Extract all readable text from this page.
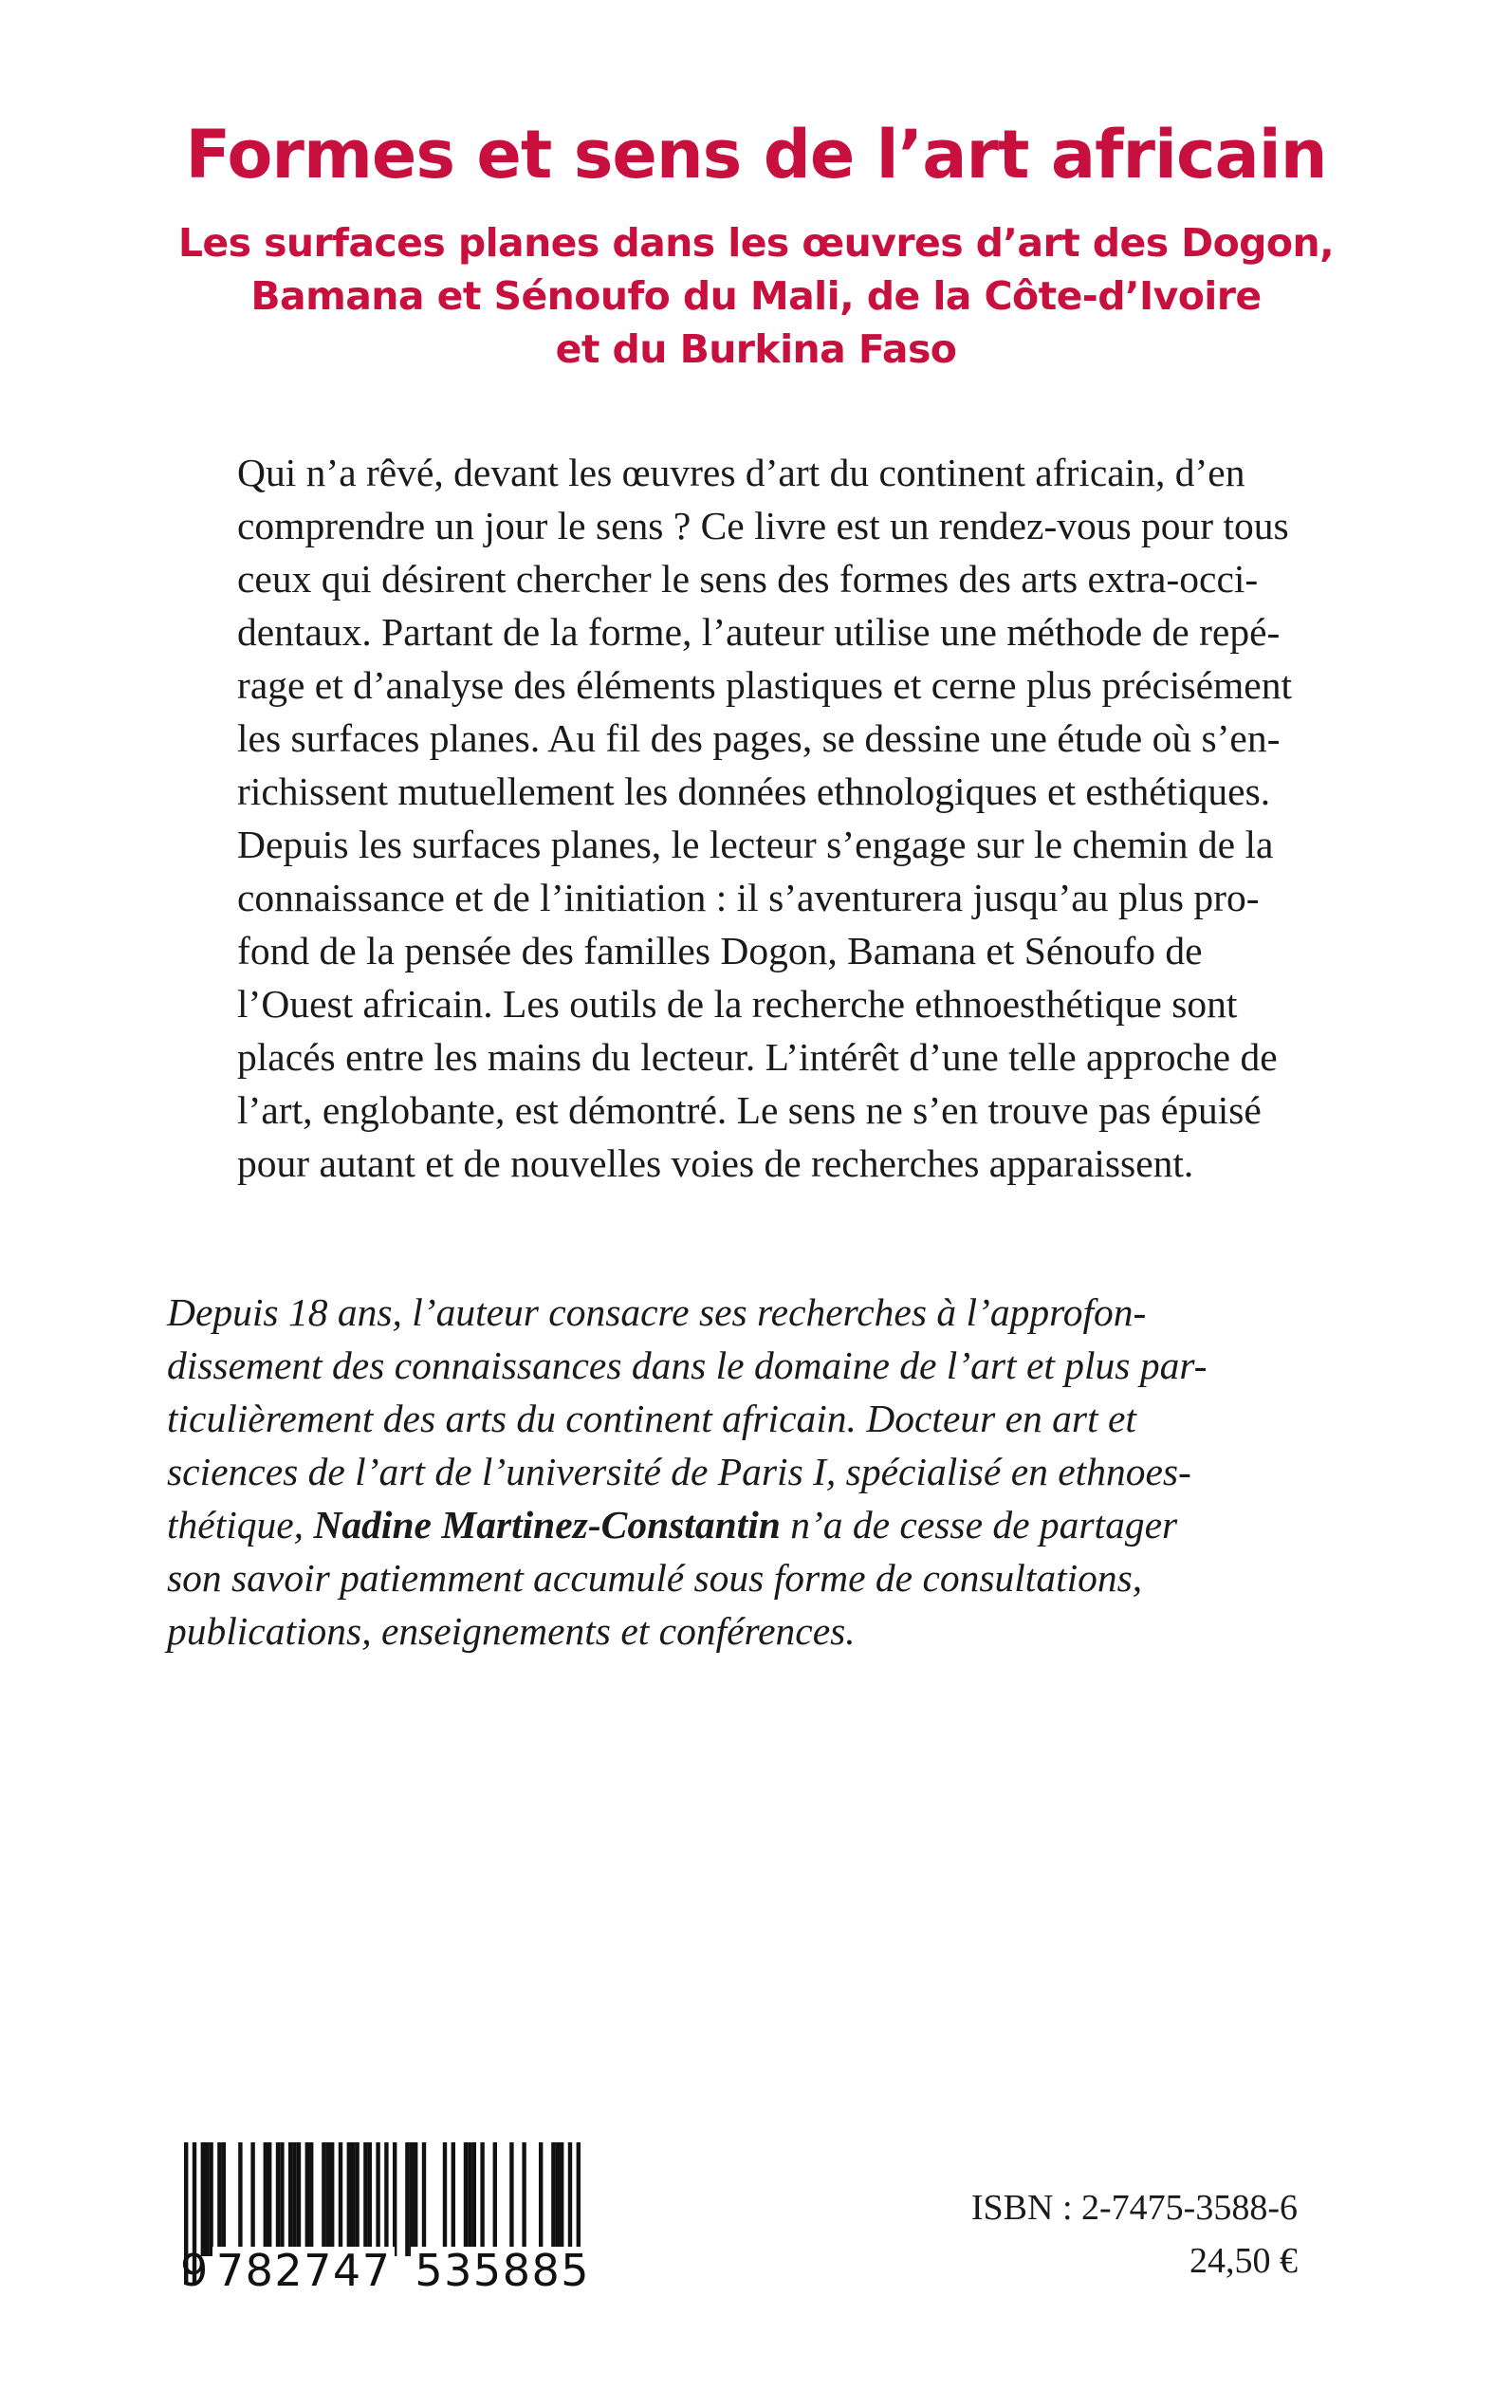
Formes et sens de l’art africain
Les surfaces planes dans les œuvres d’art des Dogon,
Bamana et Sénoufo du Mali, de la Côte-d’Ivoire
et du Burkina Faso

Qui n’a rêvé, devant les œuvres d’art du continent africain, d’en
comprendre un jour le sens ? Ce livre est un rendez-vous pour tous
ceux qui désirent chercher le sens des formes des arts extra-occi-
dentaux. Partant de la forme, l’auteur utilise une méthode de repé-
rage et d’analyse des éléments plastiques et cerne plus précisément
les surfaces planes. Au fil des pages, se dessine une étude où s’en-
richissent mutuellement les données ethnologiques et esthétiques.
Depuis les surfaces planes, le lecteur s’engage sur le chemin de la
connaissance et de l’initiation : il s’aventurera jusqu’au plus pro-
fond de la pensée des familles Dogon, Bamana et Sénoufo de
l’Ouest africain. Les outils de la recherche ethnoesthétique sont
placés entre les mains du lecteur. L’intérêt d’une telle approche de
l’art, englobante, est démontré. Le sens ne s’en trouve pas épuisé
pour autant et de nouvelles voies de recherches apparaissent.

Depuis 18 ans, l’auteur consacre ses recherches à l’approfon-
dissement des connaissances dans le domaine de l’art et plus par-
ticulièrement des arts du continent africain. Docteur en art et
sciences de l’art de l’université de Paris I, spécialisé en ethnoes-
thétique, Nadine Martinez-Constantin n’a de cesse de partager
son savoir patiemment accumulé sous forme de consultations,
publications, enseignements et conférences.

9 782747 535885

ISBN : 2-7475-3588-6

24,50 €
